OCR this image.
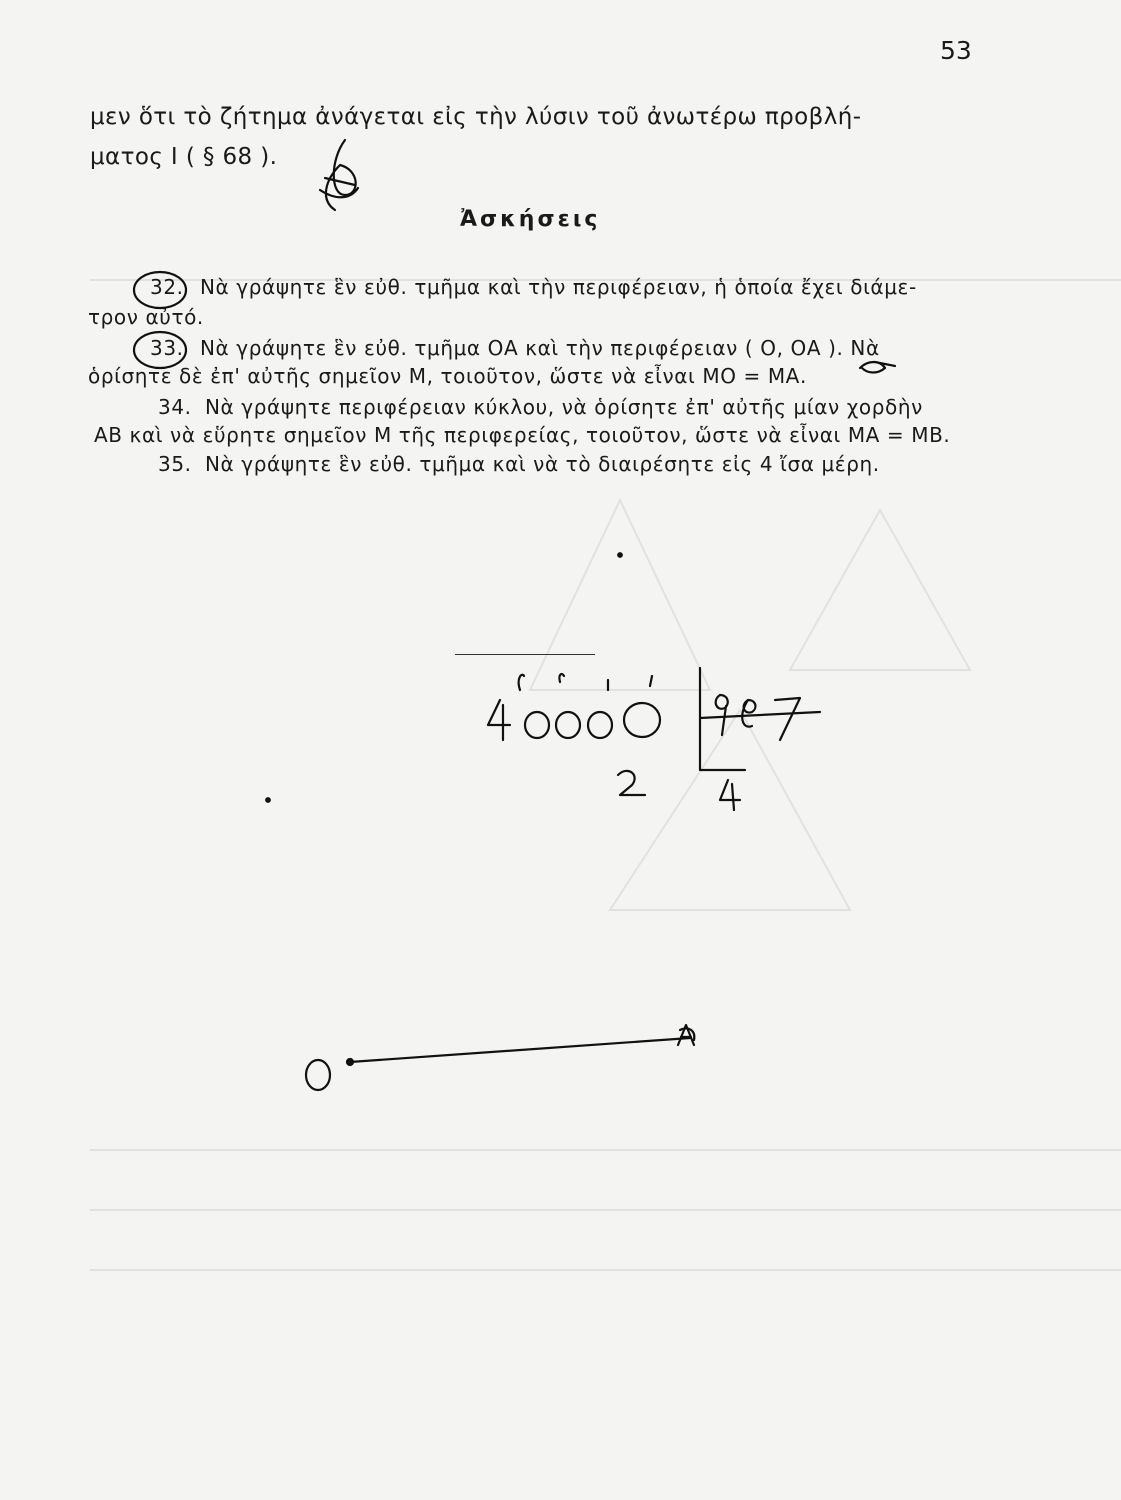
53
μεν ὅτι τὸ ζήτημα ἀνάγεται εἰς τὴν λύσιν τοῦ ἀνωτέρω προβλή-
ματος I ( § 68 ).
Ἀσκήσεις
32. Νὰ γράψητε ἓν εὐθ. τμῆμα καὶ τὴν περιφέρειαν, ἡ ὁποία ἔχει διάμε-
τρον αὐτό.
33. Νὰ γράψητε ἓν εὐθ. τμῆμα ΟΑ καὶ τὴν περιφέρειαν ( Ο, ΟΑ ). Νὰ
ὁρίσητε δὲ ἐπ' αὐτῆς σημεῖον Μ, τοιοῦτον, ὥστε νὰ εἶναι ΜΟ = ΜΑ.
34. Νὰ γράψητε περιφέρειαν κύκλου, νὰ ὁρίσητε ἐπ' αὐτῆς μίαν χορδὴν
ΑΒ καὶ νὰ εὕρητε σημεῖον Μ τῆς περιφερείας, τοιοῦτον, ὥστε νὰ εἶναι ΜΑ = ΜΒ.
35. Νὰ γράψητε ἓν εὐθ. τμῆμα καὶ νὰ τὸ διαιρέσητε εἰς 4 ἴσα μέρη.
